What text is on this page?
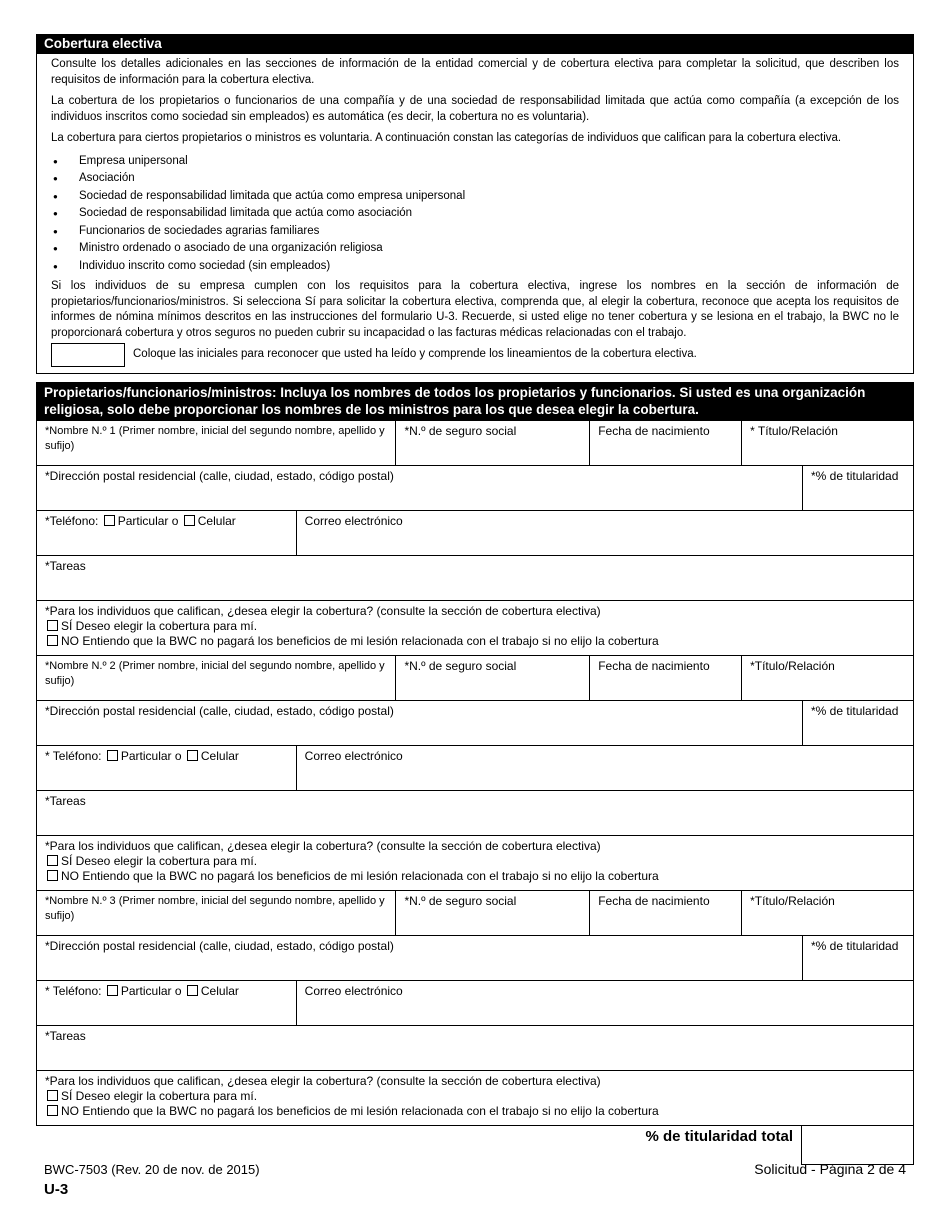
Cobertura electiva

Consulte los detalles adicionales en las secciones de información de la entidad comercial y de cobertura electiva para completar la solicitud, que describen los requisitos de información para la cobertura electiva.

La cobertura de los propietarios o funcionarios de una compañía y de una sociedad de responsabilidad limitada que actúa como compañía (a excepción de los individuos inscritos como sociedad sin empleados) es automática (es decir, la cobertura no es voluntaria).

La cobertura para ciertos propietarios o ministros es voluntaria. A continuación constan las categorías de individuos que califican para la cobertura electiva.

● Empresa unipersonal
● Asociación
● Sociedad de responsabilidad limitada que actúa como empresa unipersonal
● Sociedad de responsabilidad limitada que actúa como asociación
● Funcionarios de sociedades agrarias familiares
● Ministro ordenado o asociado de una organización religiosa
● Individuo inscrito como sociedad (sin empleados)

Si los individuos de su empresa cumplen con los requisitos para la cobertura electiva, ingrese los nombres en la sección de información de propietarios/funcionarios/ministros. Si selecciona Sí para solicitar la cobertura electiva, comprenda que, al elegir la cobertura, reconoce que acepta los requisitos de informes de nómina mínimos descritos en las instrucciones del formulario U-3. Recuerde, si usted elige no tener cobertura y se lesiona en el trabajo, la BWC no le proporcionará cobertura y otros seguros no pueden cubrir su incapacidad o las facturas médicas relacionadas con el trabajo.

Coloque las iniciales para reconocer que usted ha leído y comprende los lineamientos de la cobertura electiva.
Propietarios/funcionarios/ministros: Incluya los nombres de todos los propietarios y funcionarios. Si usted es una organización religiosa, solo debe proporcionar los nombres de los ministros para los que desea elegir la cobertura.
*Nombre N.º 1 (Primer nombre, inicial del segundo nombre, apellido y sufijo)		*N.º de seguro social	Fecha de nacimiento	* Título/Relación	
*Dirección postal residencial (calle, ciudad, estado, código postal)					*% de titularidad
*Teléfono: Particular o Celular	Correo electrónico				
*Tareas					

*Para los individuos que califican, ¿desea elegir la cobertura? (consulte la sección de cobertura electiva)
SÍ Deseo elegir la cobertura para mí.
NO Entiendo que la BWC no pagará los beneficios de mi lesión relacionada con el trabajo si no elijo la cobertura					

*Nombre N.º 2 (Primer nombre, inicial del segundo nombre, apellido y sufijo)		*N.º de seguro social	Fecha de nacimiento	*Título/Relación	
*Dirección postal residencial (calle, ciudad, estado, código postal)					*% de titularidad
* Teléfono: Particular o Celular	Correo electrónico				
*Tareas					

*Para los individuos que califican, ¿desea elegir la cobertura? (consulte la sección de cobertura electiva)
SÍ Deseo elegir la cobertura para mí.
NO Entiendo que la BWC no pagará los beneficios de mi lesión relacionada con el trabajo si no elijo la cobertura					

*Nombre N.º 3 (Primer nombre, inicial del segundo nombre, apellido y sufijo)		*N.º de seguro social	Fecha de nacimiento	*Título/Relación	
*Dirección postal residencial (calle, ciudad, estado, código postal)					*% de titularidad
* Teléfono: Particular o Celular	Correo electrónico				
*Tareas					

*Para los individuos que califican, ¿desea elegir la cobertura? (consulte la sección de cobertura electiva)
SÍ Deseo elegir la cobertura para mí.
NO Entiendo que la BWC no pagará los beneficios de mi lesión relacionada con el trabajo si no elijo la cobertura					
% de titularidad total
BWC-7503 (Rev. 20 de nov. de 2015)
U-3
Solicitud - Página 2 de 4
